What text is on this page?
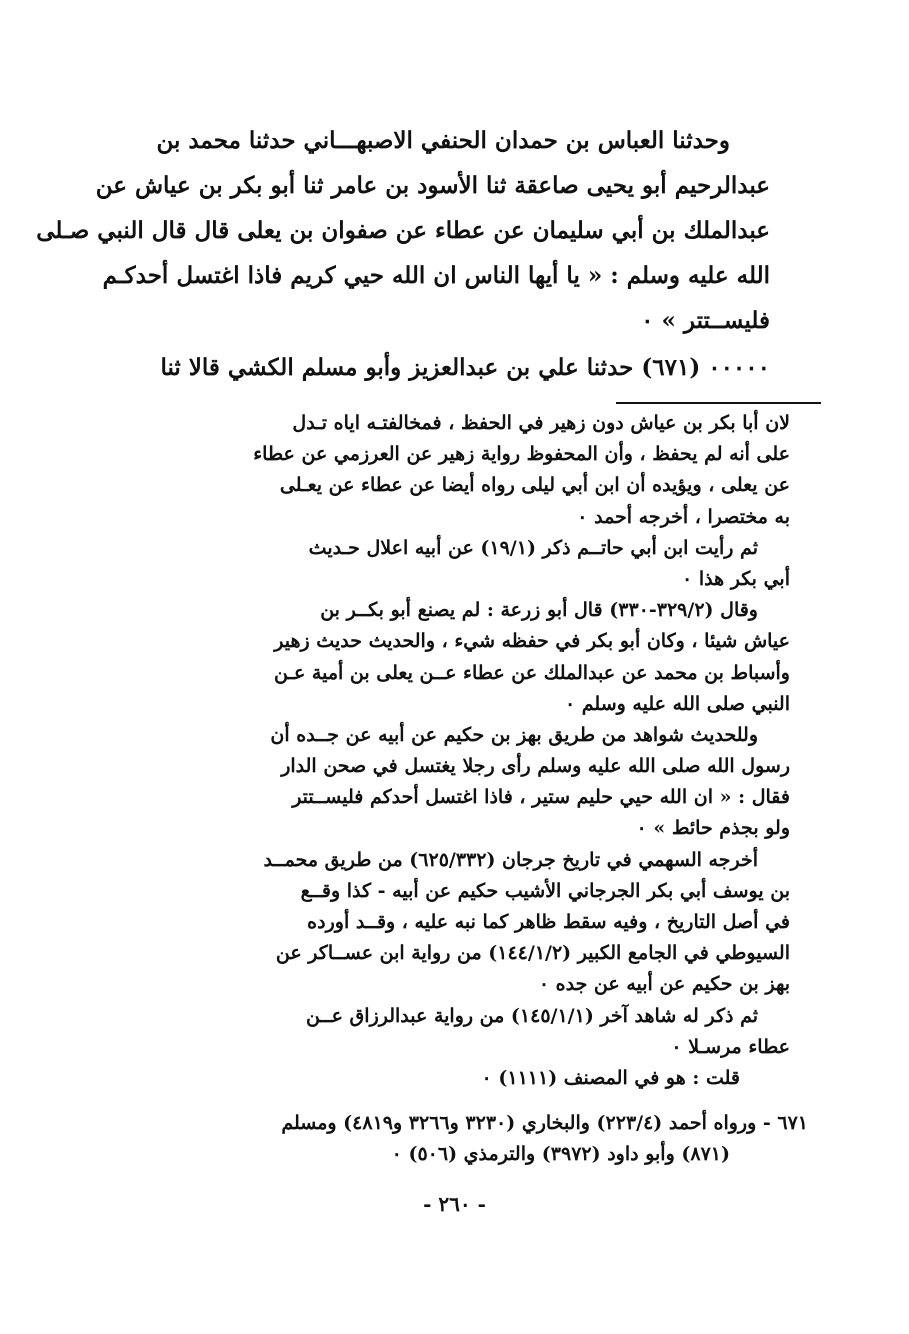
وحدثنا العباس بن حمدان الحنفي الاصبهـــاني حدثنا محمد بن
عبدالرحيم أبو يحيى صاعقة ثنا الأسود بن عامر ثنا أبو بكر بن عياش عن
عبدالملك بن أبي سليمان عن عطاء عن صفوان بن يعلى قال قال النبي صـلى
الله عليه وسلم : « يا أيها الناس ان الله حيي كريم فاذا اغتسل أحدكـم
فليســتتر » ٠
٠٠٠٠٠ (٦٧١) حدثنا علي بن عبدالعزيز وأبو مسلم الكشي قالا ثنا
لان أبا بكر بن عياش دون زهير في الحفظ ، فمخالفتـه اياه تـدل
على أنه لم يحفظ ، وأن المحفوظ رواية زهير عن العرزمي عن عطاء
عن يعلى ، ويؤيده أن ابن أبي ليلى رواه أيضا عن عطاء عن يعـلى
به مختصرا ، أخرجه أحمد ٠
ثم رأيت ابن أبي حاتــم ذكر (١٩/١) عن أبيه اعلال حـديث
أبي بكر هذا ٠
وقال (٣٢٩/٢-٣٣٠) قال أبو زرعة : لم يصنع أبو بكــر بن
عياش شيئا ، وكان أبو بكر في حفظه شيء ، والحديث حديث زهير
وأسباط بن محمد عن عبدالملك عن عطاء عــن يعلى بن أمية عـن
النبي صلى الله عليه وسلم ٠
وللحديث شواهد من طريق بهز بن حكيم عن أبيه عن جــده أن
رسول الله صلى الله عليه وسلم رأى رجلا يغتسل في صحن الدار
فقال : « ان الله حيي حليم ستير ، فاذا اغتسل أحدكم فليســتتر
ولو بجذم حائط » ٠
أخرجه السهمي في تاريخ جرجان (٦٢٥/٣٣٢) من طريق محمــد
بن يوسف أبي بكر الجرجاني الأشيب حكيم عن أبيه - كذا وقــع
في أصل التاريخ ، وفيه سقط ظاهر كما نبه عليه ، وقــد أورده
السيوطي في الجامع الكبير (١٤٤/١/٢) من رواية ابن عســاكر عن
بهز بن حكيم عن أبيه عن جده ٠
ثم ذكر له شاهد آخر (١٤٥/١/١) من رواية عبدالرزاق عــن
عطاء مرسـلا ٠
قلت : هو في المصنف (١١١١) ٠
٦٧١ - ورواه أحمد (٢٢٣/٤) والبخاري (٣٢٣٠ و٣٢٦٦ و٤٨١٩) ومسلم
(٨٧١) وأبو داود (٣٩٧٢) والترمذي (٥٠٦) ٠
- ٢٦٠ -
